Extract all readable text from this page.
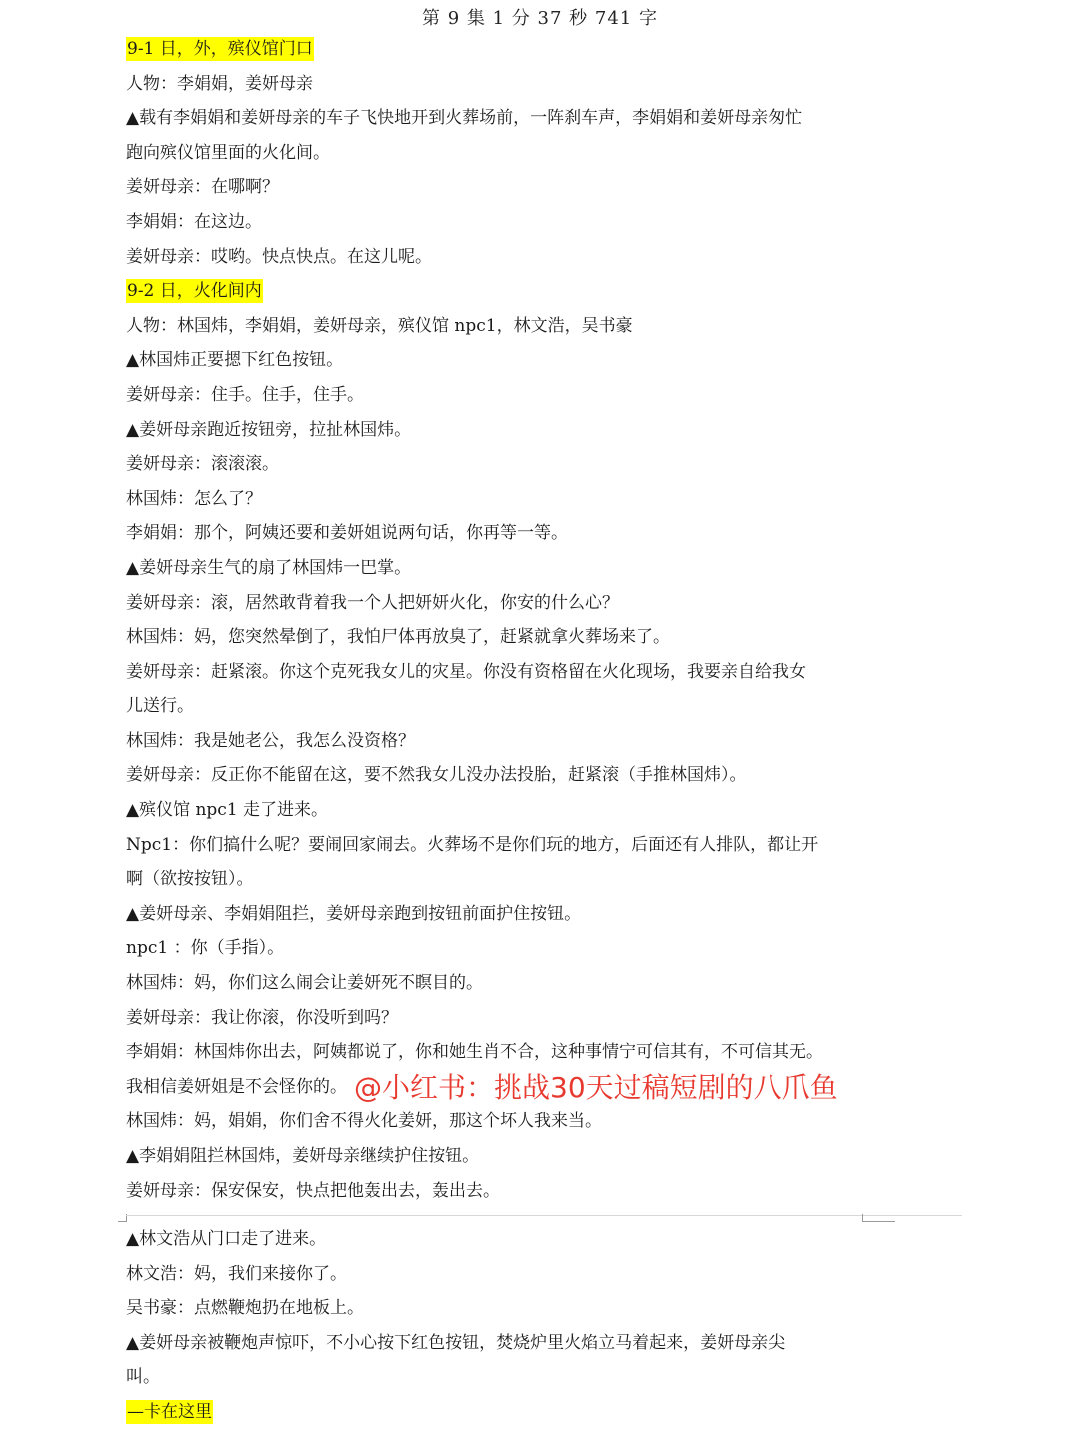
第 9 集 1 分 37 秒 741 字
9-1 日，外，殡仪馆门口
人物：李娟娟，姜妍母亲
▲载有李娟娟和姜妍母亲的车子飞快地开到火葬场前，一阵刹车声，李娟娟和姜妍母亲匆忙
跑向殡仪馆里面的火化间。
姜妍母亲：在哪啊？
李娟娟：在这边。
姜妍母亲：哎哟。快点快点。在这儿呢。
9-2 日，火化间内
人物：林国炜，李娟娟，姜妍母亲，殡仪馆 npc1，林文浩，吴书豪
▲林国炜正要摁下红色按钮。
姜妍母亲：住手。住手，住手。
▲姜妍母亲跑近按钮旁，拉扯林国炜。
姜妍母亲：滚滚滚。
林国炜：怎么了？
李娟娟：那个，阿姨还要和姜妍姐说两句话，你再等一等。
▲姜妍母亲生气的扇了林国炜一巴掌。
姜妍母亲：滚，居然敢背着我一个人把妍妍火化，你安的什么心？
林国炜：妈，您突然晕倒了，我怕尸体再放臭了，赶紧就拿火葬场来了。
姜妍母亲：赶紧滚。你这个克死我女儿的灾星。你没有资格留在火化现场，我要亲自给我女
儿送行。
林国炜：我是她老公，我怎么没资格？
姜妍母亲：反正你不能留在这，要不然我女儿没办法投胎，赶紧滚（手推林国炜）。
▲殡仪馆 npc1 走了进来。
Npc1：你们搞什么呢？要闹回家闹去。火葬场不是你们玩的地方，后面还有人排队，都让开
啊（欲按按钮）。
▲姜妍母亲、李娟娟阻拦，姜妍母亲跑到按钮前面护住按钮。
npc1 ：你（手指）。
林国炜：妈，你们这么闹会让姜妍死不瞑目的。
姜妍母亲：我让你滚，你没听到吗？
李娟娟：林国炜你出去，阿姨都说了，你和她生肖不合，这种事情宁可信其有，不可信其无。
我相信姜妍姐是不会怪你的。
林国炜：妈，娟娟，你们舍不得火化姜妍，那这个坏人我来当。
▲李娟娟阻拦林国炜，姜妍母亲继续护住按钮。
姜妍母亲：保安保安，快点把他轰出去，轰出去。
▲林文浩从门口走了进来。
林文浩：妈，我们来接你了。
吴书豪：点燃鞭炮扔在地板上。
▲姜妍母亲被鞭炮声惊吓，不小心按下红色按钮，焚烧炉里火焰立马着起来，姜妍母亲尖
叫。
—卡在这里
@小红书：挑战30天过稿短剧的八爪鱼
